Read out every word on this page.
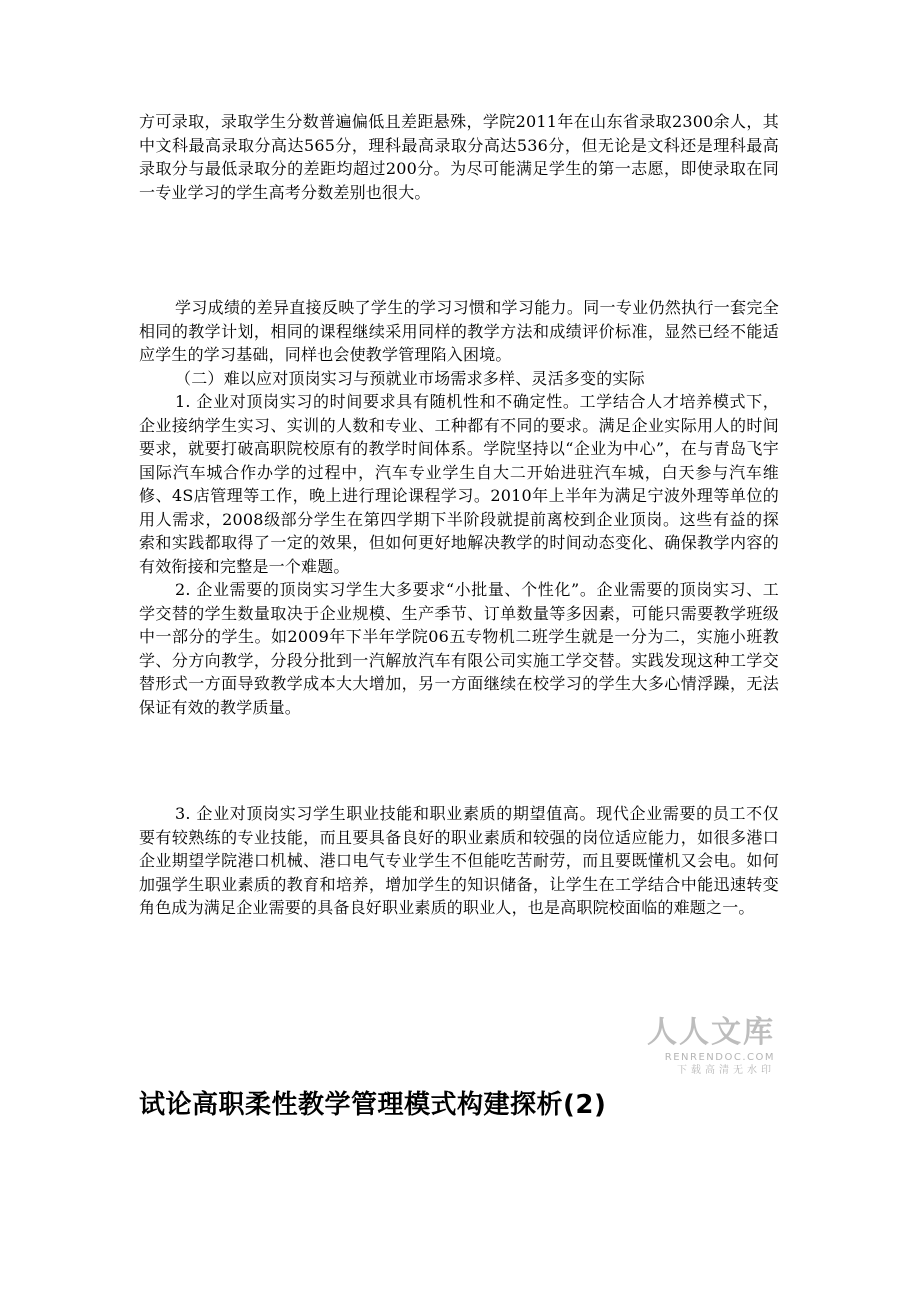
方可录取，录取学生分数普遍偏低且差距悬殊，学院2011年在山东省录取2300余人，其中文科最高录取分高达565分，理科最高录取分高达536分，但无论是文科还是理科最高录取分与最低录取分的差距均超过200分。为尽可能满足学生的第一志愿，即使录取在同一专业学习的学生高考分数差别也很大。

学习成绩的差异直接反映了学生的学习习惯和学习能力。同一专业仍然执行一套完全相同的教学计划，相同的课程继续采用同样的教学方法和成绩评价标准，显然已经不能适应学生的学习基础，同样也会使教学管理陷入困境。

（二）难以应对顶岗实习与预就业市场需求多样、灵活多变的实际

1. 企业对顶岗实习的时间要求具有随机性和不确定性。工学结合人才培养模式下，企业接纳学生实习、实训的人数和专业、工种都有不同的要求。满足企业实际用人的时间要求，就要打破高职院校原有的教学时间体系。学院坚持以“企业为中心”，在与青岛飞宇国际汽车城合作办学的过程中，汽车专业学生自大二开始进驻汽车城，白天参与汽车维修、4S店管理等工作，晚上进行理论课程学习。2010年上半年为满足宁波外理等单位的用人需求，2008级部分学生在第四学期下半阶段就提前离校到企业顶岗。这些有益的探索和实践都取得了一定的效果，但如何更好地解决教学的时间动态变化、确保教学内容的有效衔接和完整是一个难题。

2. 企业需要的顶岗实习学生大多要求“小批量、个性化”。企业需要的顶岗实习、工学交替的学生数量取决于企业规模、生产季节、订单数量等多因素，可能只需要教学班级中一部分的学生。如2009年下半年学院06五专物机二班学生就是一分为二，实施小班教学、分方向教学，分段分批到一汽解放汽车有限公司实施工学交替。实践发现这种工学交替形式一方面导致教学成本大大增加，另一方面继续在校学习的学生大多心情浮躁，无法保证有效的教学质量。

3. 企业对顶岗实习学生职业技能和职业素质的期望值高。现代企业需要的员工不仅要有较熟练的专业技能，而且要具备良好的职业素质和较强的岗位适应能力，如很多港口企业期望学院港口机械、港口电气专业学生不但能吃苦耐劳，而且要既懂机又会电。如何加强学生职业素质的教育和培养，增加学生的知识储备，让学生在工学结合中能迅速转变角色成为满足企业需要的具备良好职业素质的职业人，也是高职院校面临的难题之一。

人人文库
RENRENDOC.COM
下载高清无水印
试论高职柔性教学管理模式构建探析(2)
